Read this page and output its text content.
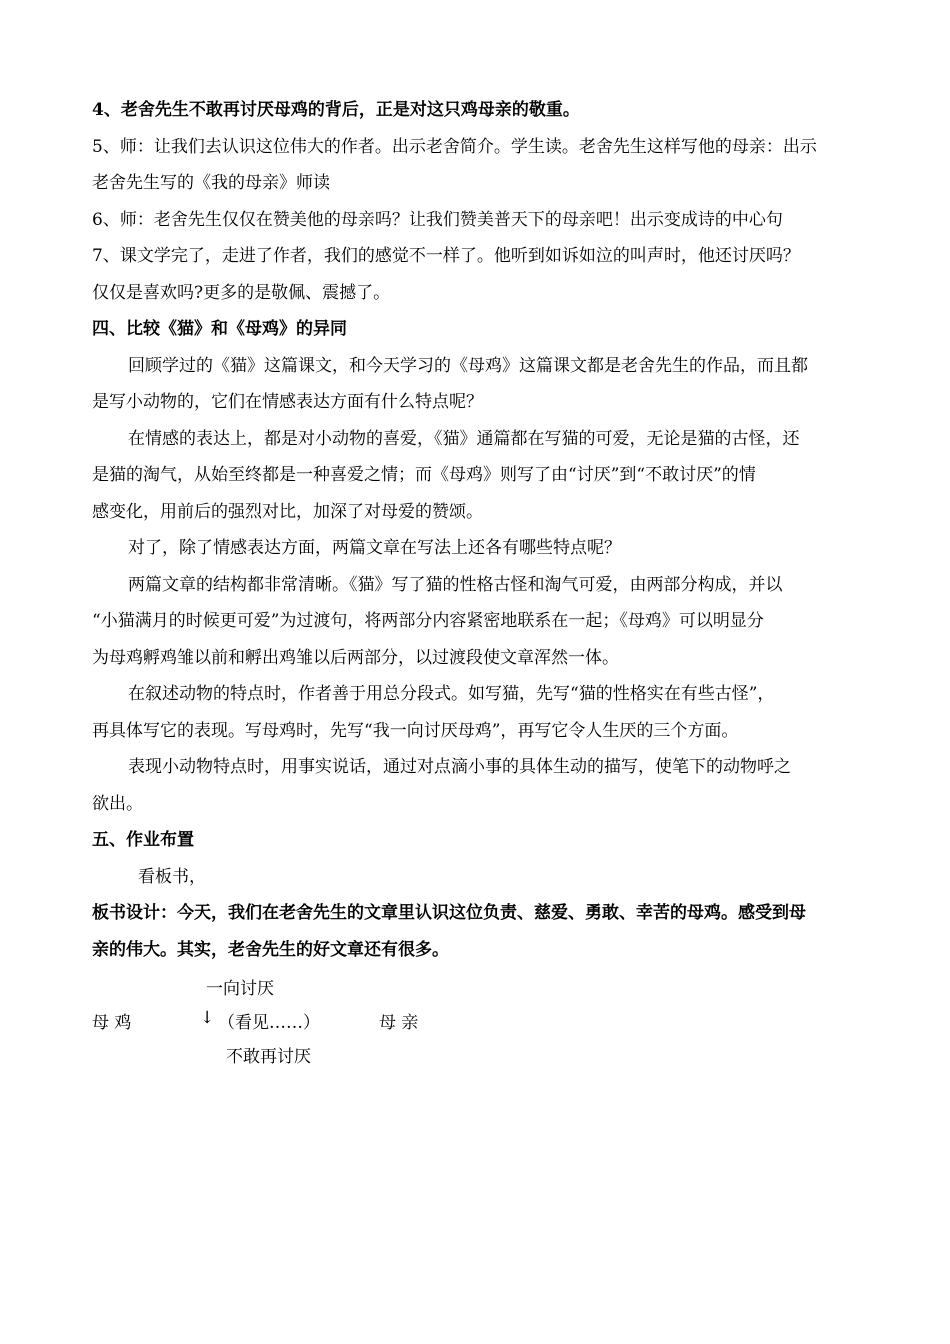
4、老舍先生不敢再讨厌母鸡的背后，正是对这只鸡母亲的敬重。

5、师：让我们去认识这位伟大的作者。出示老舍简介。学生读。老舍先生这样写他的母亲：出示

老舍先生写的《我的母亲》师读

6、师：老舍先生仅仅在赞美他的母亲吗？让我们赞美普天下的母亲吧！出示变成诗的中心句

7、课文学完了，走进了作者，我们的感觉不一样了。他听到如诉如泣的叫声时，他还讨厌吗？

仅仅是喜欢吗?更多的是敬佩、震撼了。

四、比较《猫》和《母鸡》的异同

回顾学过的《猫》这篇课文，和今天学习的《母鸡》这篇课文都是老舍先生的作品，而且都

是写小动物的，它们在情感表达方面有什么特点呢？

在情感的表达上，都是对小动物的喜爱，《猫》通篇都在写猫的可爱，无论是猫的古怪，还

是猫的淘气，从始至终都是一种喜爱之情；而《母鸡》则写了由“讨厌”到“不敢讨厌”的情

感变化，用前后的强烈对比，加深了对母爱的赞颂。

对了，除了情感表达方面，两篇文章在写法上还各有哪些特点呢？

两篇文章的结构都非常清晰。《猫》写了猫的性格古怪和淘气可爱，由两部分构成，并以

“小猫满月的时候更可爱”为过渡句，将两部分内容紧密地联系在一起；《母鸡》可以明显分

为母鸡孵鸡雏以前和孵出鸡雏以后两部分，以过渡段使文章浑然一体。

在叙述动物的特点时，作者善于用总分段式。如写猫，先写“猫的性格实在有些古怪”，

再具体写它的表现。写母鸡时，先写“我一向讨厌母鸡”，再写它令人生厌的三个方面。

表现小动物特点时，用事实说话，通过对点滴小事的具体生动的描写，使笔下的动物呼之

欲出。

五、作业布置

看板书，

板书设计：今天，我们在老舍先生的文章里认识这位负责、慈爱、勇敢、幸苦的母鸡。感受到母

亲的伟大。其实，老舍先生的好文章还有很多。

一向讨厌
母 鸡	↓ （看见……）	母 亲
不敢再讨厌
